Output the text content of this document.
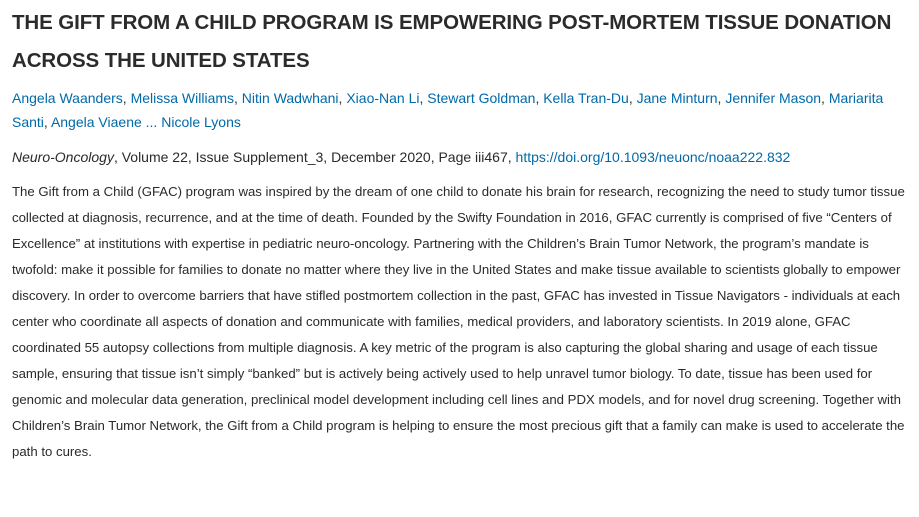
THE GIFT FROM A CHILD PROGRAM IS EMPOWERING POST-MORTEM TISSUE DONATION ACROSS THE UNITED STATES

Angela Waanders, Melissa Williams, Nitin Wadwhani, Xiao-Nan Li, Stewart Goldman, Kella Tran-Du, Jane Minturn, Jennifer Mason, Mariarita Santi, Angela Viaene ... Nicole Lyons

Neuro-Oncology, Volume 22, Issue Supplement_3, December 2020, Page iii467, https://doi.org/10.1093/neuonc/noaa222.832

The Gift from a Child (GFAC) program was inspired by the dream of one child to donate his brain for research, recognizing the need to study tumor tissue collected at diagnosis, recurrence, and at the time of death. Founded by the Swifty Foundation in 2016, GFAC currently is comprised of five “Centers of Excellence” at institutions with expertise in pediatric neuro-oncology. Partnering with the Children’s Brain Tumor Network, the program’s mandate is twofold: make it possible for families to donate no matter where they live in the United States and make tissue available to scientists globally to empower discovery. In order to overcome barriers that have stifled postmortem collection in the past, GFAC has invested in Tissue Navigators - individuals at each center who coordinate all aspects of donation and communicate with families, medical providers, and laboratory scientists. In 2019 alone, GFAC coordinated 55 autopsy collections from multiple diagnosis. A key metric of the program is also capturing the global sharing and usage of each tissue sample, ensuring that tissue isn’t simply “banked” but is actively being actively used to help unravel tumor biology. To date, tissue has been used for genomic and molecular data generation, preclinical model development including cell lines and PDX models, and for novel drug screening. Together with Children’s Brain Tumor Network, the Gift from a Child program is helping to ensure the most precious gift that a family can make is used to accelerate the path to cures.
